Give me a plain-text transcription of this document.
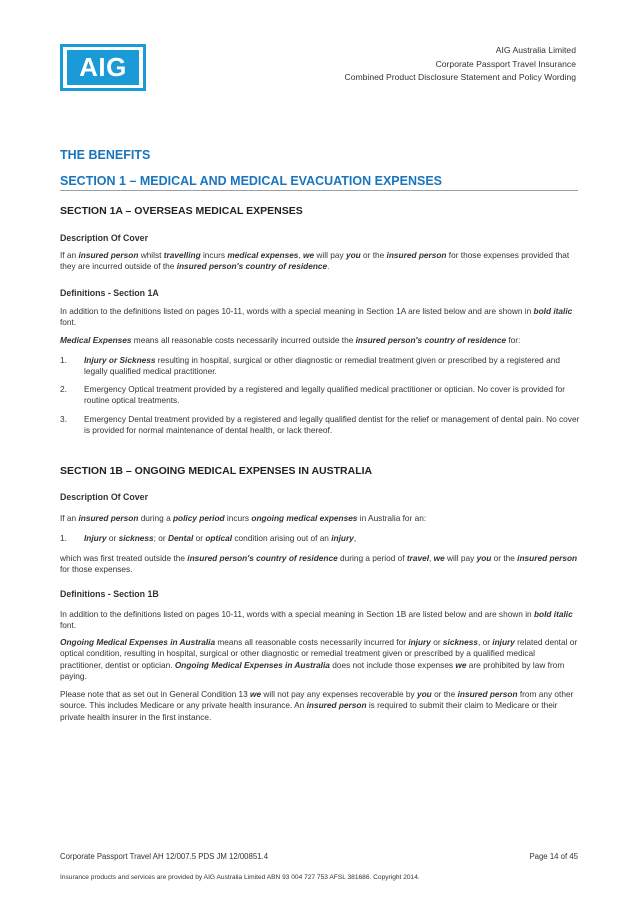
AIG
AIG Australia Limited
Corporate Passport Travel Insurance
Combined Product Disclosure Statement and Policy Wording
THE BENEFITS
SECTION 1 – MEDICAL AND MEDICAL EVACUATION EXPENSES
SECTION 1A – OVERSEAS MEDICAL EXPENSES
Description Of Cover
If an insured person whilst travelling incurs medical expenses, we will pay you or the insured person for those expenses provided that they are incurred outside of the insured person's country of residence.
Definitions - Section 1A
In addition to the definitions listed on pages 10-11, words with a special meaning in Section 1A are listed below and are shown in bold italic font.
Medical Expenses means all reasonable costs necessarily incurred outside the insured person's country of residence for:
1. Injury or Sickness resulting in hospital, surgical or other diagnostic or remedial treatment given or prescribed by a registered and legally qualified medical practitioner.
2. Emergency Optical treatment provided by a registered and legally qualified medical practitioner or optician. No cover is provided for routine optical treatments.
3. Emergency Dental treatment provided by a registered and legally qualified dentist for the relief or management of dental pain. No cover is provided for normal maintenance of dental health, or lack thereof.
SECTION 1B – ONGOING MEDICAL EXPENSES IN AUSTRALIA
Description Of Cover
If an insured person during a policy period incurs ongoing medical expenses in Australia for an:
1. Injury or sickness; or Dental or optical condition arising out of an injury,
which was first treated outside the insured person's country of residence during a period of travel, we will pay you or the insured person for those expenses.
Definitions - Section 1B
In addition to the definitions listed on pages 10-11, words with a special meaning in Section 1B are listed below and are shown in bold italic font.
Ongoing Medical Expenses in Australia means all reasonable costs necessarily incurred for injury or sickness, or injury related dental or optical condition, resulting in hospital, surgical or other diagnostic or remedial treatment given or prescribed by a qualified medical practitioner, dentist or optician. Ongoing Medical Expenses in Australia does not include those expenses we are prohibited by law from paying.
Please note that as set out in General Condition 13 we will not pay any expenses recoverable by you or the insured person from any other source. This includes Medicare or any private health insurance. An insured person is required to submit their claim to Medicare or their private health insurer in the first instance.
Corporate Passport Travel AH 12/007.5 PDS JM 12/00851.4	Page 14 of 45
Insurance products and services are provided by AIG Australia Limited ABN 93 004 727 753 AFSL 381686. Copyright 2014.
